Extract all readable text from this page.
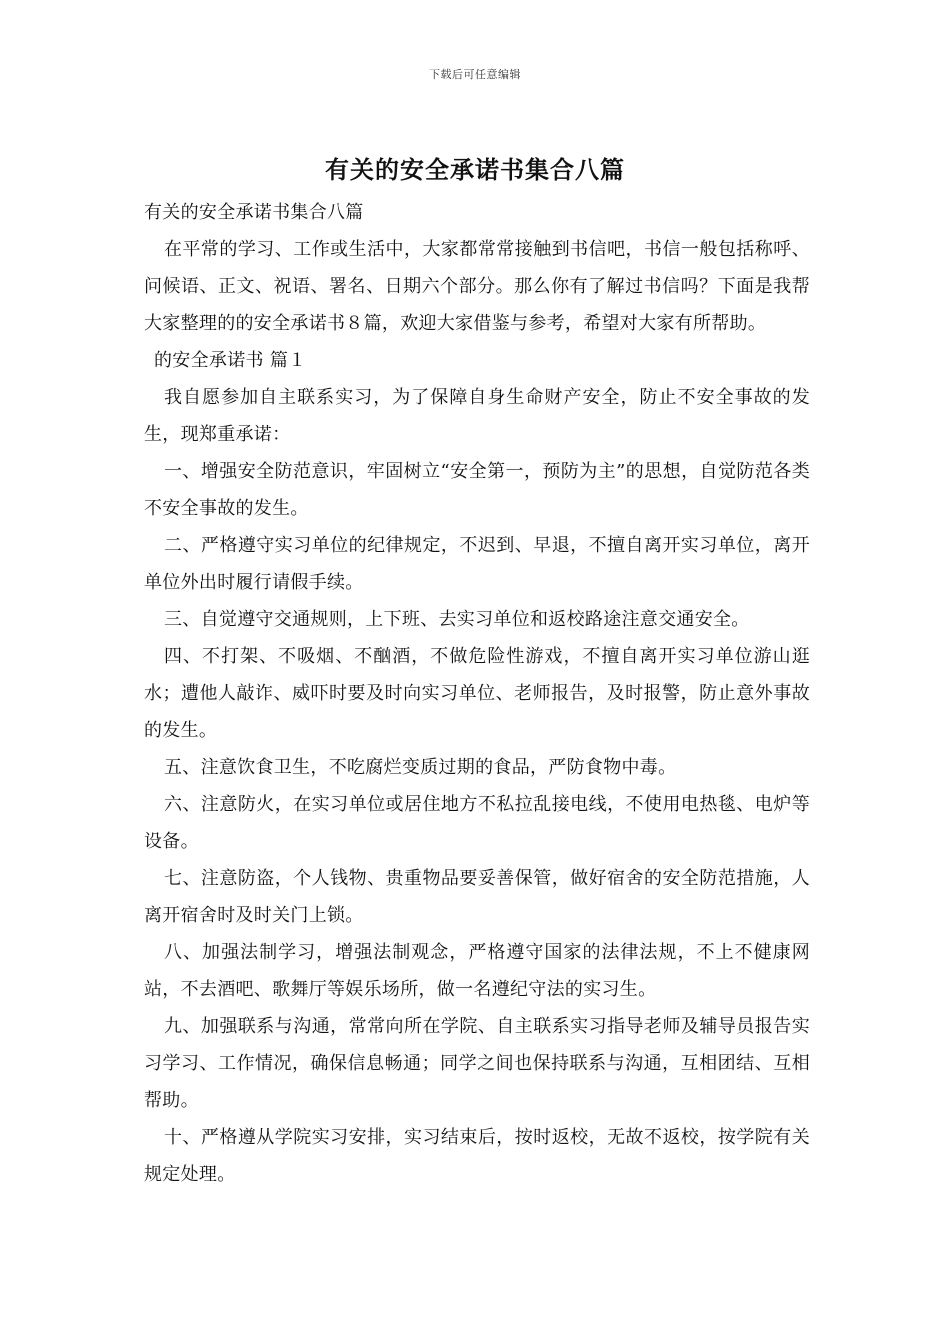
下载后可任意编辑
有关的安全承诺书集合八篇

有关的安全承诺书集合八篇

在平常的学习、工作或生活中，大家都常常接触到书信吧，书信一般包括称呼、问候语、正文、祝语、署名、日期六个部分。那么你有了解过书信吗？下面是我帮大家整理的的安全承诺书８篇，欢迎大家借鉴与参考，希望对大家有所帮助。

的安全承诺书 篇１

我自愿参加自主联系实习，为了保障自身生命财产安全，防止不安全事故的发生，现郑重承诺：

一、增强安全防范意识，牢固树立“安全第一，预防为主”的思想，自觉防范各类不安全事故的发生。

二、严格遵守实习单位的纪律规定，不迟到、早退，不擅自离开实习单位，离开单位外出时履行请假手续。

三、自觉遵守交通规则，上下班、去实习单位和返校路途注意交通安全。

四、不打架、不吸烟、不酗酒，不做危险性游戏，不擅自离开实习单位游山逛水；遭他人敲诈、威吓时要及时向实习单位、老师报告，及时报警，防止意外事故的发生。

五、注意饮食卫生，不吃腐烂变质过期的食品，严防食物中毒。

六、注意防火，在实习单位或居住地方不私拉乱接电线，不使用电热毯、电炉等设备。

七、注意防盗，个人钱物、贵重物品要妥善保管，做好宿舍的安全防范措施，人离开宿舍时及时关门上锁。

八、加强法制学习，增强法制观念，严格遵守国家的法律法规，不上不健康网站，不去酒吧、歌舞厅等娱乐场所，做一名遵纪守法的实习生。

九、加强联系与沟通，常常向所在学院、自主联系实习指导老师及辅导员报告实习学习、工作情况，确保信息畅通；同学之间也保持联系与沟通，互相团结、互相帮助。

十、严格遵从学院实习安排，实习结束后，按时返校，无故不返校，按学院有关规定处理。
